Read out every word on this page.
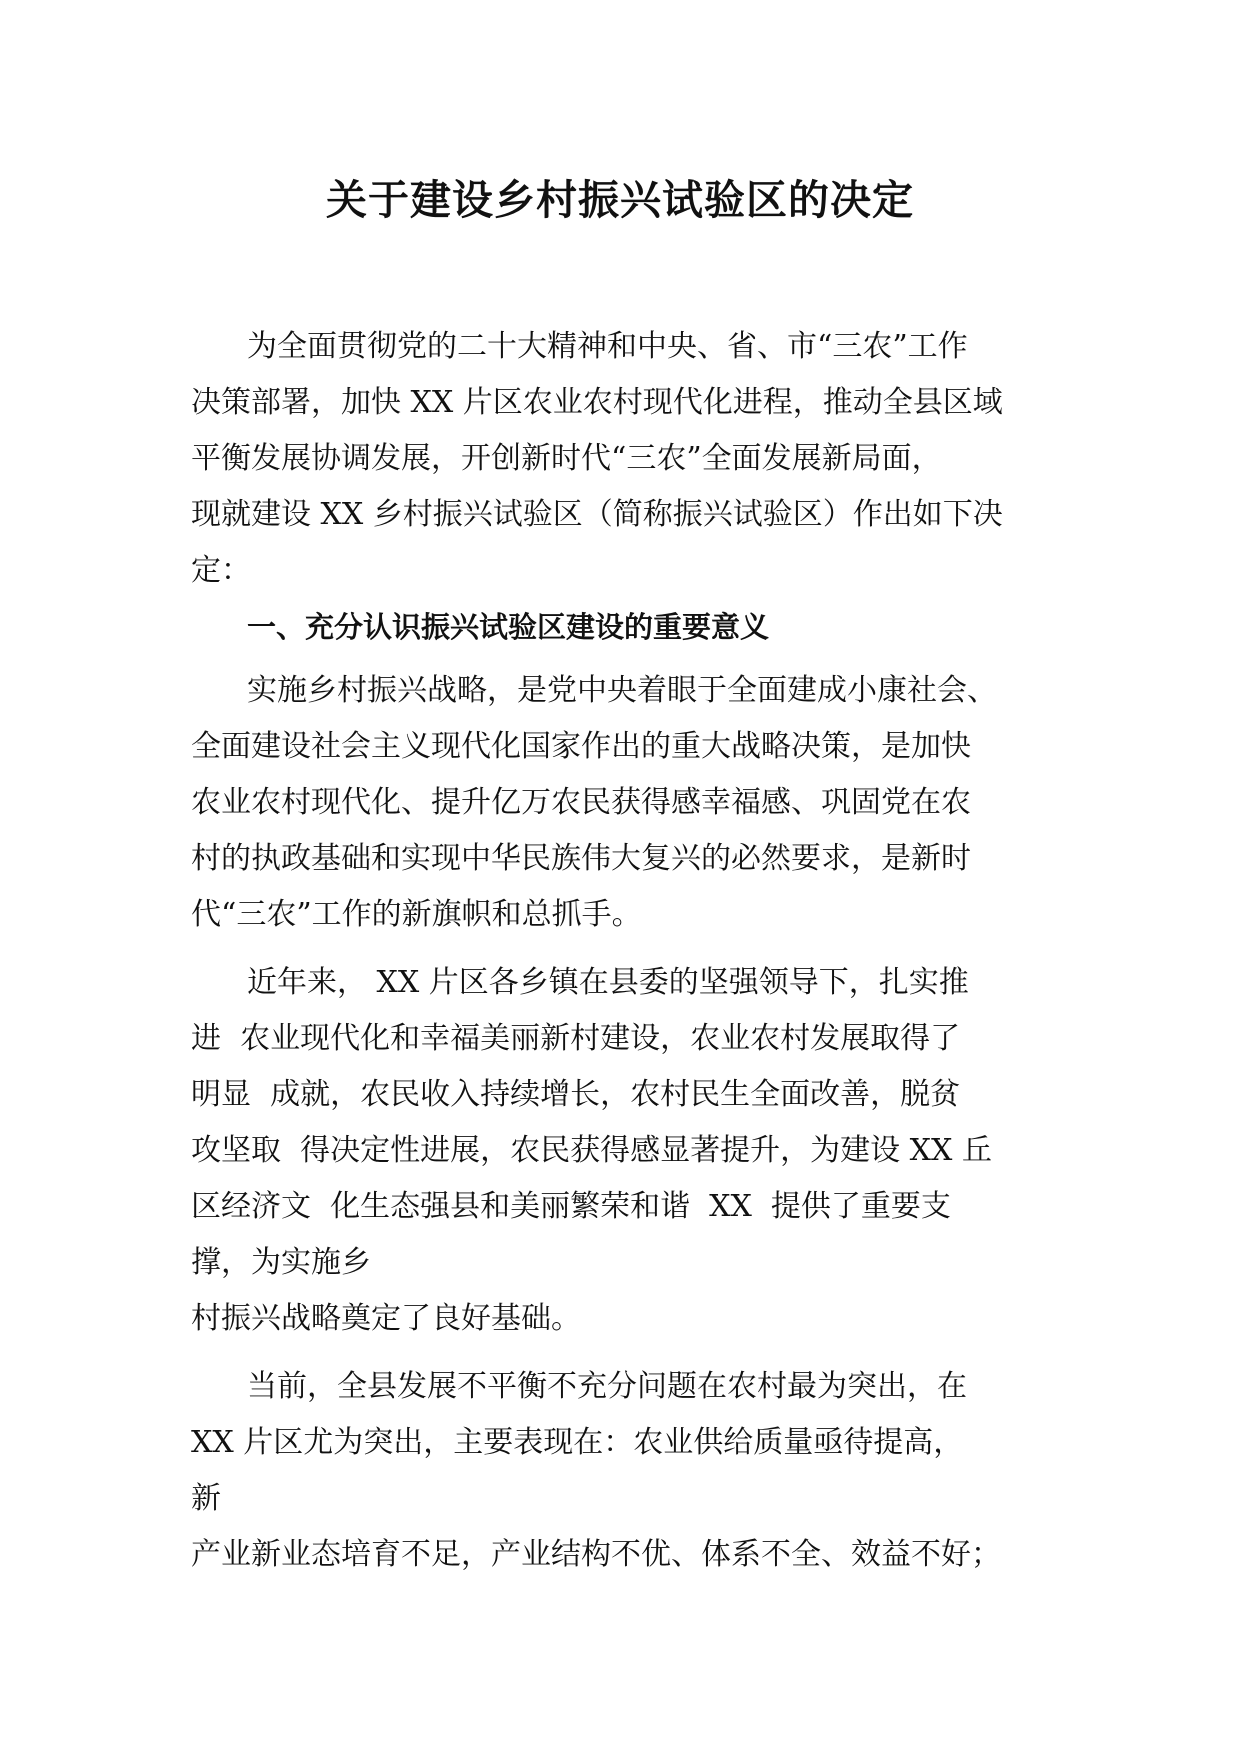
关于建设乡村振兴试验区的决定
为全面贯彻党的二十大精神和中央、省、市“三农”工作
决策部署，加快 XX 片区农业农村现代化进程，推动全县区域
平衡发展协调发展，开创新时代“三农”全面发展新局面，
现就建设 XX 乡村振兴试验区（简称振兴试验区）作出如下决
定：
一、充分认识振兴试验区建设的重要意义
实施乡村振兴战略，是党中央着眼于全面建成小康社会、
全面建设社会主义现代化国家作出的重大战略决策，是加快
农业农村现代化、提升亿万农民获得感幸福感、巩固党在农
村的执政基础和实现中华民族伟大复兴的必然要求，是新时
代“三农”工作的新旗帜和总抓手。
近年来， XX 片区各乡镇在县委的坚强领导下，扎实推
进  农业现代化和幸福美丽新村建设，农业农村发展取得了
明显  成就，农民收入持续增长，农村民生全面改善，脱贫
攻坚取  得决定性进展，农民获得感显著提升，为建设 XX 丘
区经济文  化生态强县和美丽繁荣和谐  XX  提供了重要支
撑，为实施乡
村振兴战略奠定了良好基础。
当前，全县发展不平衡不充分问题在农村最为突出，在
XX 片区尤为突出，主要表现在：农业供给质量亟待提高，
新
产业新业态培育不足，产业结构不优、体系不全、效益不好；
